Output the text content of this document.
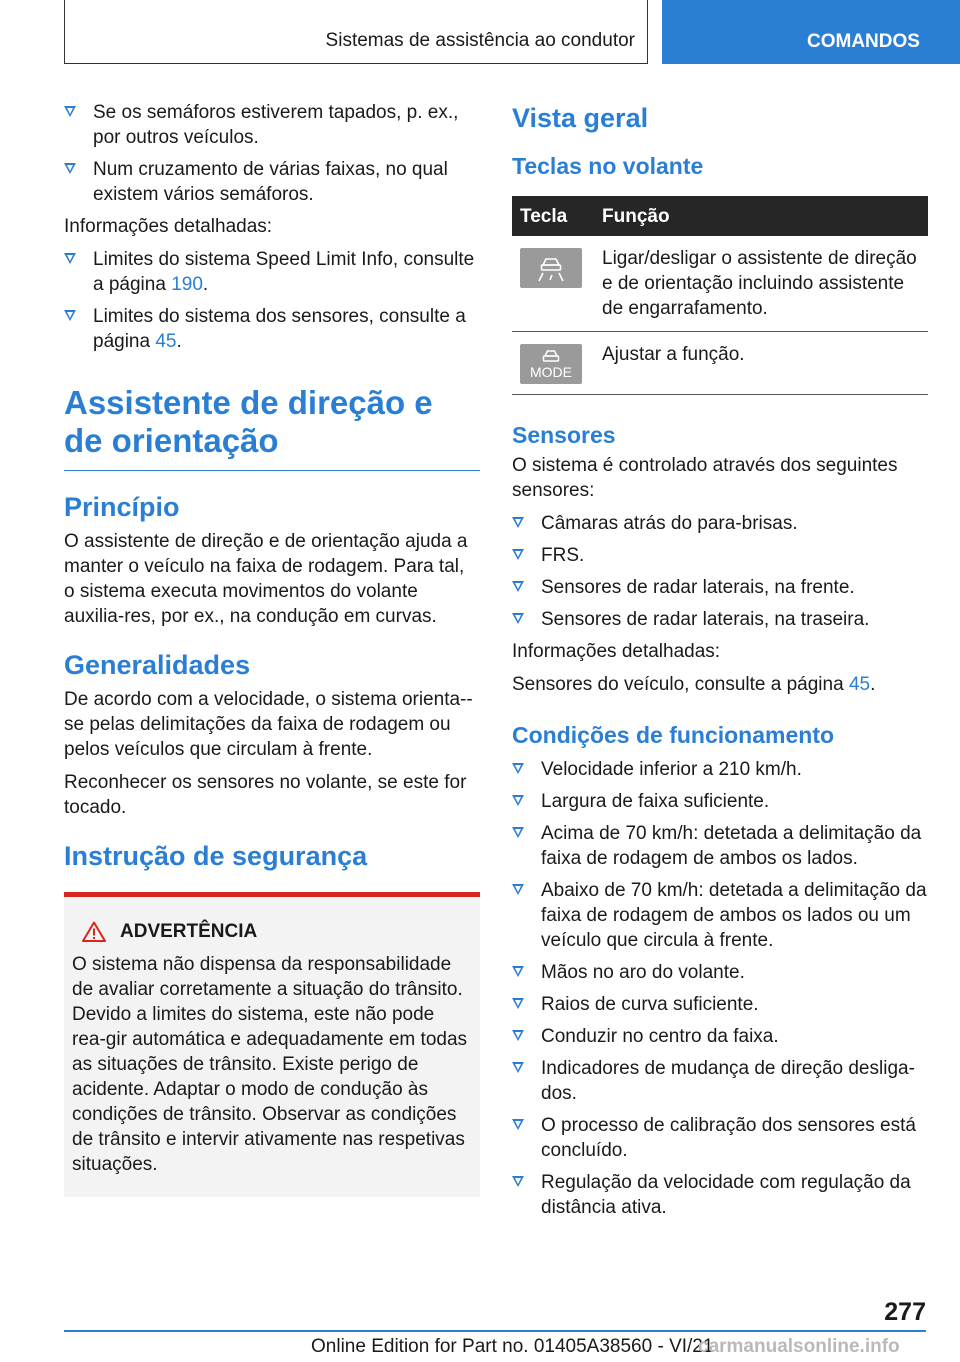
Sistemas de assistência ao condutor	COMANDOS
Se os semáforos estiverem tapados, p. ex., por outros veículos.
Num cruzamento de várias faixas, no qual existem vários semáforos.

Informações detalhadas:

Limites do sistema Speed Limit Info, consulte a página 190.
Limites do sistema dos sensores, consulte a página 45.
Assistente de direção e de orientação
Princípio

O assistente de direção e de orientação ajuda a manter o veículo na faixa de rodagem. Para tal, o sistema executa movimentos do volante auxilia‐res, por ex., na condução em curvas.

Generalidades

De acordo com a velocidade, o sistema orienta-‐se pelas delimitações da faixa de rodagem ou pelos veículos que circulam à frente.

Reconhecer os sensores no volante, se este for tocado.

Instrução de segurança
ADVERTÊNCIA
O sistema não dispensa da responsabilidade de avaliar corretamente a situação do trânsito. Devido a limites do sistema, este não pode rea‐gir automática e adequadamente em todas as situações de trânsito. Existe perigo de acidente. Adaptar o modo de condução às condições de trânsito. Observar as condições de trânsito e intervir ativamente nas respetivas situações.
Vista geral
Teclas no volante
Tecla	Função

	Ligar/desligar o assistente de direção e de orientação incluindo assistente de engarrafamento.

MODE	Ajustar a função.
Sensores

O sistema é controlado através dos seguintes sensores:

Câmaras atrás do para-brisas.
FRS.
Sensores de radar laterais, na frente.
Sensores de radar laterais, na traseira.

Informações detalhadas:

Sensores do veículo, consulte a página 45.

Condições de funcionamento
Velocidade inferior a 210 km/h.
Largura de faixa suficiente.
Acima de 70 km/h: detetada a delimitação da faixa de rodagem de ambos os lados.
Abaixo de 70 km/h: detetada a delimitação da faixa de rodagem de ambos os lados ou um veículo que circula à frente.
Mãos no aro do volante.
Raios de curva suficiente.
Conduzir no centro da faixa.
Indicadores de mudança de direção desliga‐dos.
O processo de calibração dos sensores está concluído.
Regulação da velocidade com regulação da distância ativa.
277
Online Edition for Part no. 01405A38560 - VI/21
carmanualsonline.info
